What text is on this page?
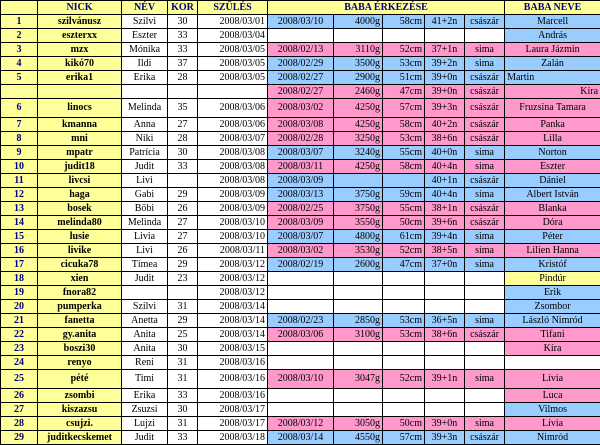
	NICK	NÉV	KOR	SZÜLÉS	BABA ÉRKEZÉSE					BABA NEVE
1	szilvánusz	Szilvi	30	2008/03/01	2008/03/10	4000g	58cm	41+2n	császár	Marcell
2	eszterxx	Eszter	33	2008/03/04						András
3	mzx	Mónika	33	2008/03/05	2008/02/13	3110g	52cm	37+1n	sima	Laura Jázmin
4	kikó70	Ildi	37	2008/03/05	2008/02/29	3500g	53cm	39+2n	sima	Zalán
5	erika1	Erika	28	2008/03/05	2008/02/27	2900g	51cm	39+0n	császár	Martin
					2008/02/27	2460g	47cm	39+0n	császár	Kíra
6	linocs	Melinda	35	2008/03/06	2008/03/02	4250g	57cm	39+3n	császár	Fruzsina Tamara
7	kmanna	Anna	27	2008/03/06	2008/03/08	4250g	58cm	40+2n	császár	Panka
8	mni	Niki	28	2008/03/07	2008/02/28	3250g	53cm	38+6n	császár	Lilla
9	mpatr	Patrícia	30	2008/03/08	2008/03/07	3240g	55cm	40+0n	sima	Norton
10	judit18	Judit	33	2008/03/08	2008/03/11	4250g	58cm	40+4n	sima	Eszter
11	livcsi	Livi		2008/03/08	2008/03/09			40+1n	császár	Dániel
12	haga	Gabi	29	2008/03/09	2008/03/13	3750g	59cm	40+4n	sima	Albert István
13	bosek	Böbi	26	2008/03/09	2008/02/25	3750g	55cm	38+1n	császár	Blanka
14	melinda80	Melinda	27	2008/03/10	2008/03/09	3550g	50cm	39+6n	császár	Dóra
15	lusie	Livia	27	2008/03/10	2008/03/07	4800g	61cm	39+4n	sima	Péter
16	livike	Livi	26	2008/03/11	2008/03/02	3530g	52cm	38+5n	sima	Lilien Hanna
17	cicuka78	Tímea	29	2008/03/12	2008/02/19	2600g	47cm	37+0n	sima	Kristóf
18	xien	Judit	23	2008/03/12						Pindúr
19	fnora82			2008/03/12						Erik
20	pumperka	Szilvi	31	2008/03/14						Zsombor
21	fanetta	Anetta	29	2008/03/14	2008/02/23	2850g	53cm	36+5n	sima	László Nimród
22	gy.anita	Anita	25	2008/03/14	2008/03/06	3100g	53cm	38+6n	császár	Tifani
23	boszi30	Anita	30	2008/03/15						Kíra
24	renyo	Reni	31	2008/03/16						
25	pété	Timi	31	2008/03/16	2008/03/10	3047g	52cm	39+1n	sima	Lívia
26	zsombi	Erika	33	2008/03/16						Luca
27	kiszazsu	Zsuzsi	30	2008/03/17						Vilmos
28	csujzi.	Lujzi	31	2008/03/17	2008/03/12	3050g	50cm	39+0n	sima	Lívia
29	juditkecskemet	Judit	33	2008/03/18	2008/03/14	4550g	57cm	39+3n	császár	Nimród
